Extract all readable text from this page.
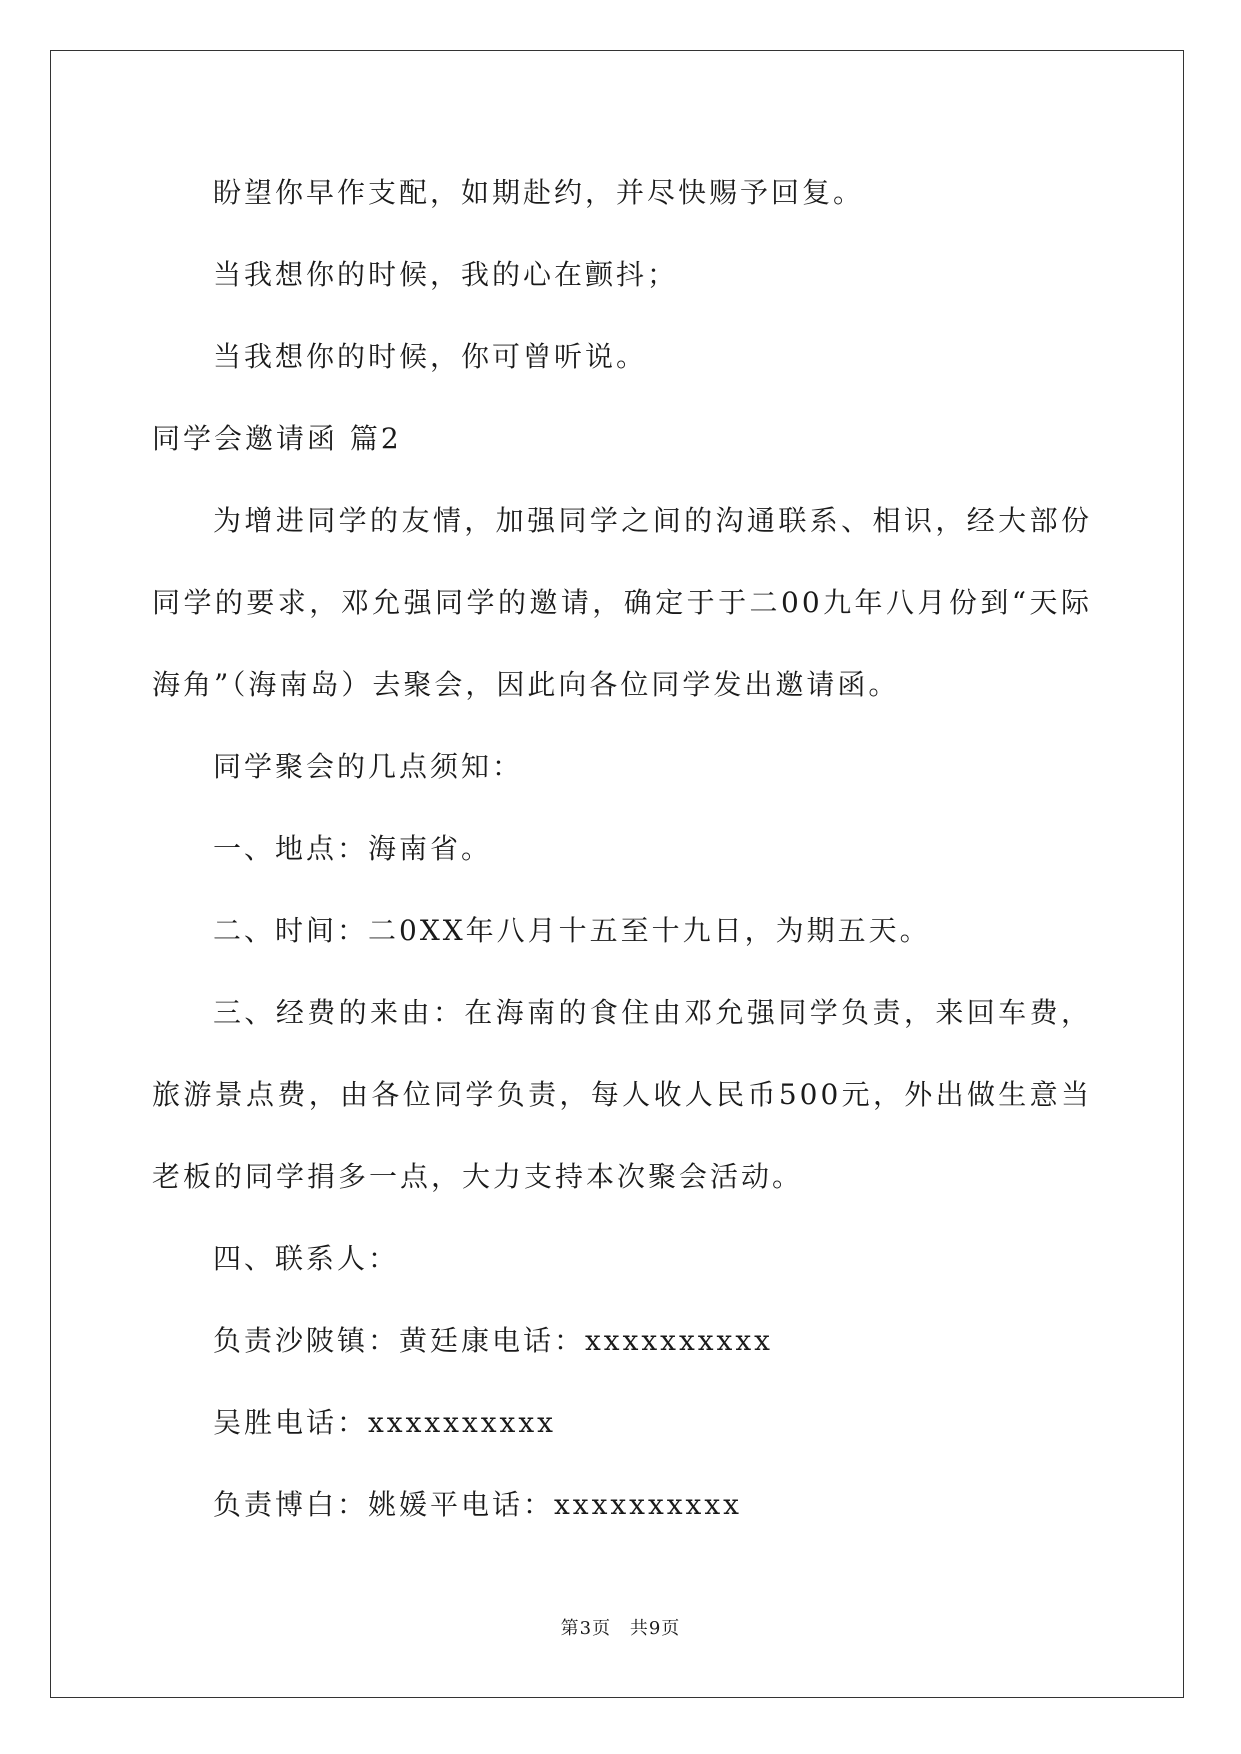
盼望你早作支配，如期赴约，并尽快赐予回复。
当我想你的时候，我的心在颤抖；
当我想你的时候，你可曾听说。
同学会邀请函 篇2
为增进同学的友情，加强同学之间的沟通联系、相识，经大部份同学的要求，邓允强同学的邀请，确定于于二00九年八月份到“天际海角”（海南岛）去聚会，因此向各位同学发出邀请函。
同学聚会的几点须知：
一、地点：海南省。
二、时间：二0XX年八月十五至十九日，为期五天。
三、经费的来由：在海南的食住由邓允强同学负责，来回车费，旅游景点费，由各位同学负责，每人收人民币500元，外出做生意当老板的同学捐多一点，大力支持本次聚会活动。
四、联系人：
负责沙陂镇：黄廷康电话：xxxxxxxxxx
吴胜电话：xxxxxxxxxx
负责博白：姚媛平电话：xxxxxxxxxx
第3页 共9页
